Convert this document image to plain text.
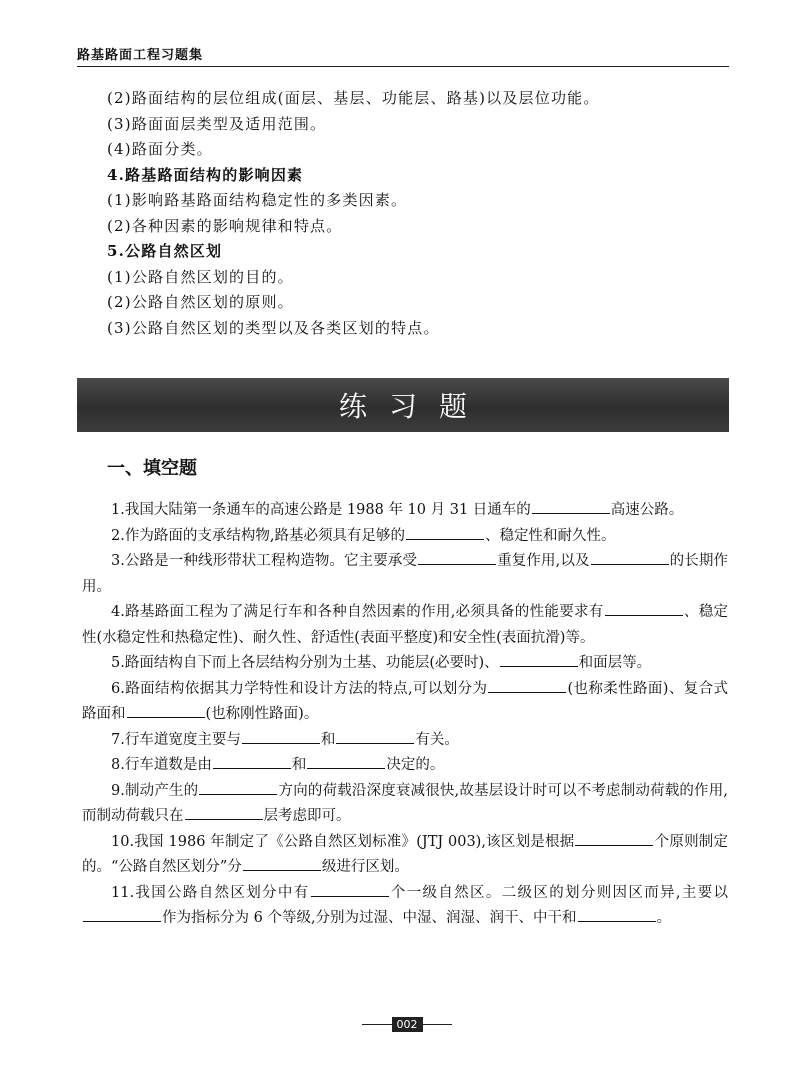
路基路面工程习题集

(2)路面结构的层位组成(面层、基层、功能层、路基)以及层位功能。

(3)路面面层类型及适用范围。

(4)路面分类。

4.路基路面结构的影响因素

(1)影响路基路面结构稳定性的多类因素。

(2)各种因素的影响规律和特点。

5.公路自然区划

(1)公路自然区划的目的。

(2)公路自然区划的原则。

(3)公路自然区划的类型以及各类区划的特点。

练习题
一、填空题

1.我国大陆第一条通车的高速公路是 1988 年 10 月 31 日通车的	高速公路。

2.作为路面的支承结构物,路基必须具有足够的	、稳定性和耐久性。

3.公路是一种线形带状工程构造物。它主要承受	重复作用,以及	的长期作用。

4.路基路面工程为了满足行车和各种自然因素的作用,必须具备的性能要求有	、稳定性(水稳定性和热稳定性)、耐久性、舒适性(表面平整度)和安全性(表面抗滑)等。

5.路面结构自下而上各层结构分别为土基、功能层(必要时)、	和面层等。

6.路面结构依据其力学特性和设计方法的特点,可以划分为	(也称柔性路面)、复合式路面和	(也称刚性路面)。

7.行车道宽度主要与	和	有关。

8.行车道数是由	和	决定的。

9.制动产生的	方向的荷载沿深度衰减很快,故基层设计时可以不考虑制动荷载的作用,而制动荷载只在	层考虑即可。

10.我国 1986 年制定了《公路自然区划标准》(JTJ 003),该区划是根据	个原则制定的。“公路自然区划分”分	级进行区划。

11.我国公路自然区划分中有	个一级自然区。二级区的划分则因区而异,主要以作为指标分为 6 个等级,分别为过湿、中湿、润湿、润干、中干和	。

002
